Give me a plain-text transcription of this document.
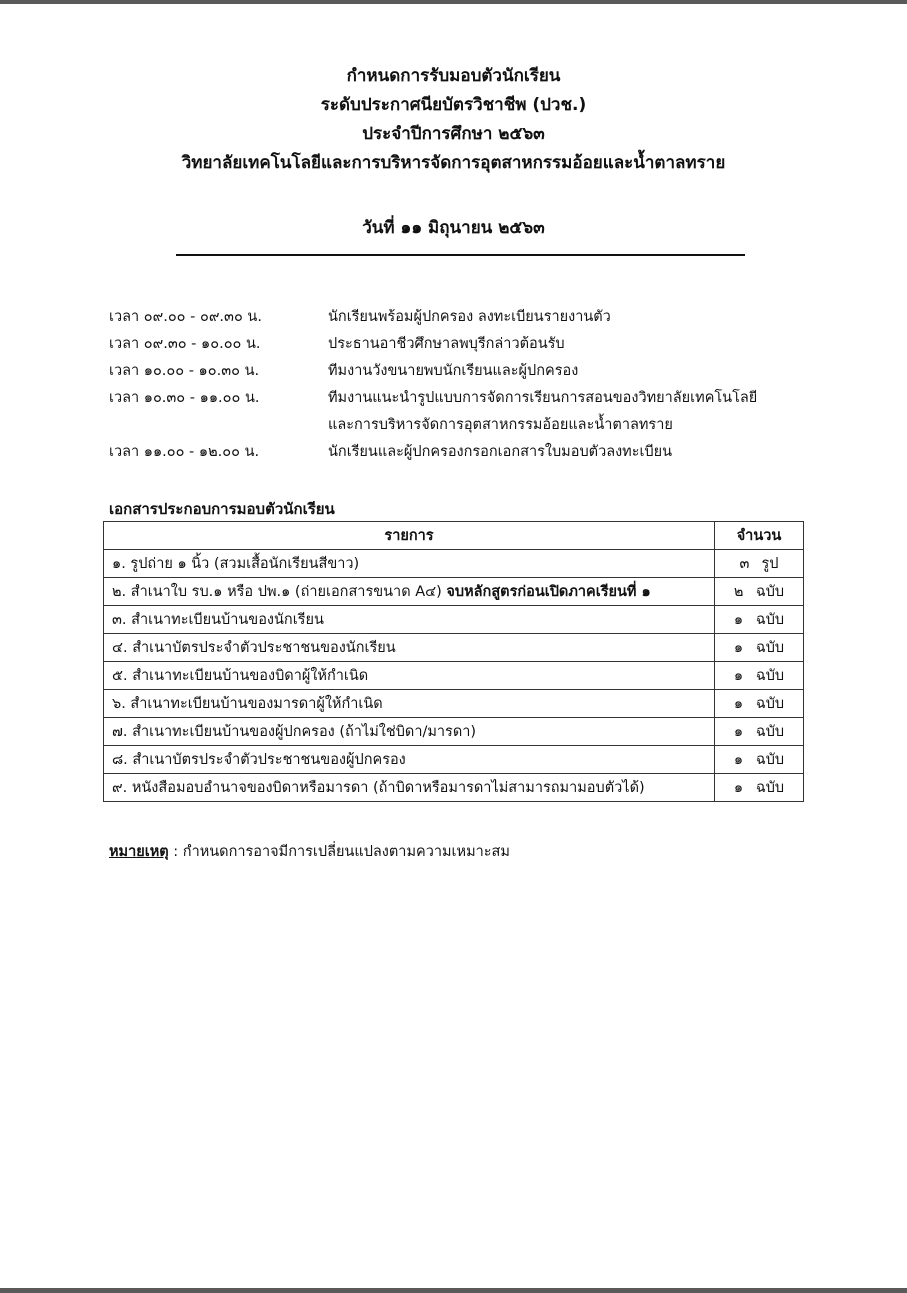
กำหนดการรับมอบตัวนักเรียน
ระดับประกาศนียบัตรวิชาชีพ (ปวช.)
ประจำปีการศึกษา ๒๕๖๓
วิทยาลัยเทคโนโลยีและการบริหารจัดการอุตสาหกรรมอ้อยและน้ำตาลทราย
วันที่ ๑๑ มิถุนายน ๒๕๖๓
เวลา ๐๙.๐๐ - ๐๙.๓๐ น.	นักเรียนพร้อมผู้ปกครอง ลงทะเบียนรายงานตัว
เวลา ๐๙.๓๐ - ๑๐.๐๐ น.	ประธานอาชีวศึกษาลพบุรีกล่าวต้อนรับ
เวลา ๑๐.๐๐ - ๑๐.๓๐ น.	ทีมงานวังขนายพบนักเรียนและผู้ปกครอง
เวลา ๑๐.๓๐ - ๑๑.๐๐ น.	ทีมงานแนะนำรูปแบบการจัดการเรียนการสอนของวิทยาลัยเทคโนโลยี
และการบริหารจัดการอุตสาหกรรมอ้อยและน้ำตาลทราย
เวลา ๑๑.๐๐ - ๑๒.๐๐ น.	นักเรียนและผู้ปกครองกรอกเอกสารใบมอบตัวลงทะเบียน
เอกสารประกอบการมอบตัวนักเรียน
รายการ	จำนวน
๑. รูปถ่าย ๑ นิ้ว (สวมเสื้อนักเรียนสีขาว)	๓ รูป
๒. สำเนาใบ รบ.๑ หรือ ปพ.๑ (ถ่ายเอกสารขนาด A๔) จบหลักสูตรก่อนเปิดภาคเรียนที่ ๑	๒ ฉบับ
๓. สำเนาทะเบียนบ้านของนักเรียน	๑ ฉบับ
๔. สำเนาบัตรประจำตัวประชาชนของนักเรียน	๑ ฉบับ
๕. สำเนาทะเบียนบ้านของบิดาผู้ให้กำเนิด	๑ ฉบับ
๖. สำเนาทะเบียนบ้านของมารดาผู้ให้กำเนิด	๑ ฉบับ
๗. สำเนาทะเบียนบ้านของผู้ปกครอง (ถ้าไม่ใช่บิดา/มารดา)	๑ ฉบับ
๘. สำเนาบัตรประจำตัวประชาชนของผู้ปกครอง	๑ ฉบับ
๙. หนังสือมอบอำนาจของบิดาหรือมารดา (ถ้าบิดาหรือมารดาไม่สามารถมามอบตัวได้)	๑ ฉบับ
หมายเหตุ : กำหนดการอาจมีการเปลี่ยนแปลงตามความเหมาะสม
